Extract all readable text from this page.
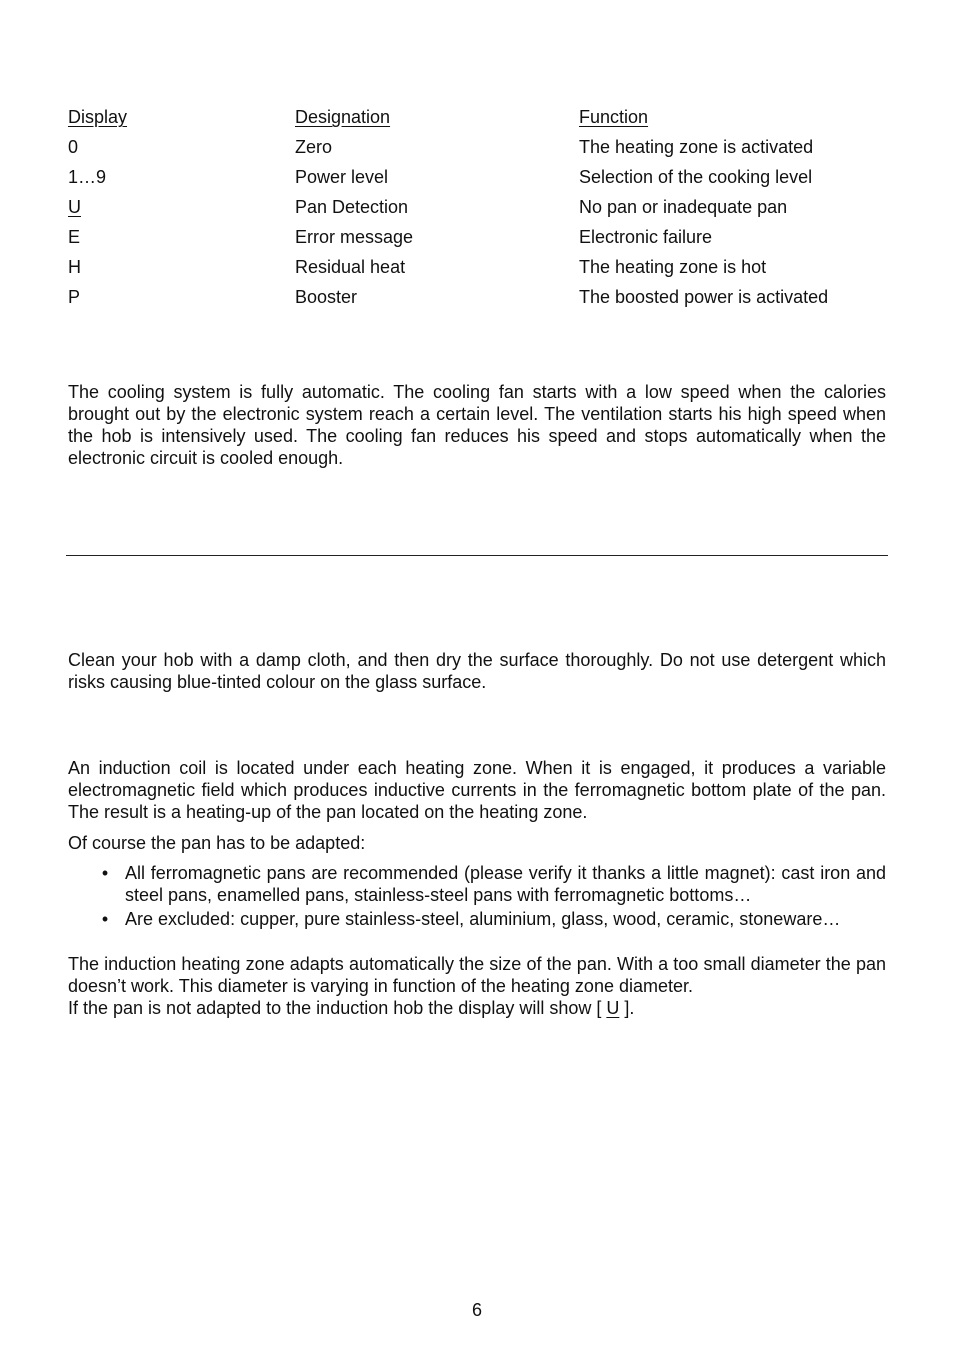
Display	Designation	Function
0	Zero	The heating zone is activated
1…9	Power level	Selection of the cooking level
U	Pan Detection	No pan or inadequate pan
E	Error message	Electronic failure
H	Residual heat	The heating zone is hot
P	Booster	The boosted power is activated

The cooling system is fully automatic. The cooling fan starts with a low speed when the calories brought out by the electronic system reach a certain level. The ventilation starts his high speed when the hob is intensively used. The cooling fan reduces his speed and stops automatically when the electronic circuit is cooled enough.

Clean your hob with a damp cloth, and then dry the surface thoroughly. Do not use detergent which risks causing blue-tinted colour on the glass surface.

An induction coil is located under each heating zone. When it is engaged, it produces a variable electromagnetic field which produces inductive currents in the ferromagnetic bottom plate of the pan. The result is a heating-up of the pan located on the heating zone.

Of course the pan has to be adapted:

• All ferromagnetic pans are recommended (please verify it thanks a little magnet): cast iron and steel pans, enamelled pans, stainless-steel pans with ferromagnetic bottoms…
• Are excluded: cupper, pure stainless-steel, aluminium, glass, wood, ceramic, stoneware…

The induction heating zone adapts automatically the size of the pan. With a too small diameter the pan doesn’t work. This diameter is varying in function of the heating zone diameter.

If the pan is not adapted to the induction hob the display will show [ U ].

6
